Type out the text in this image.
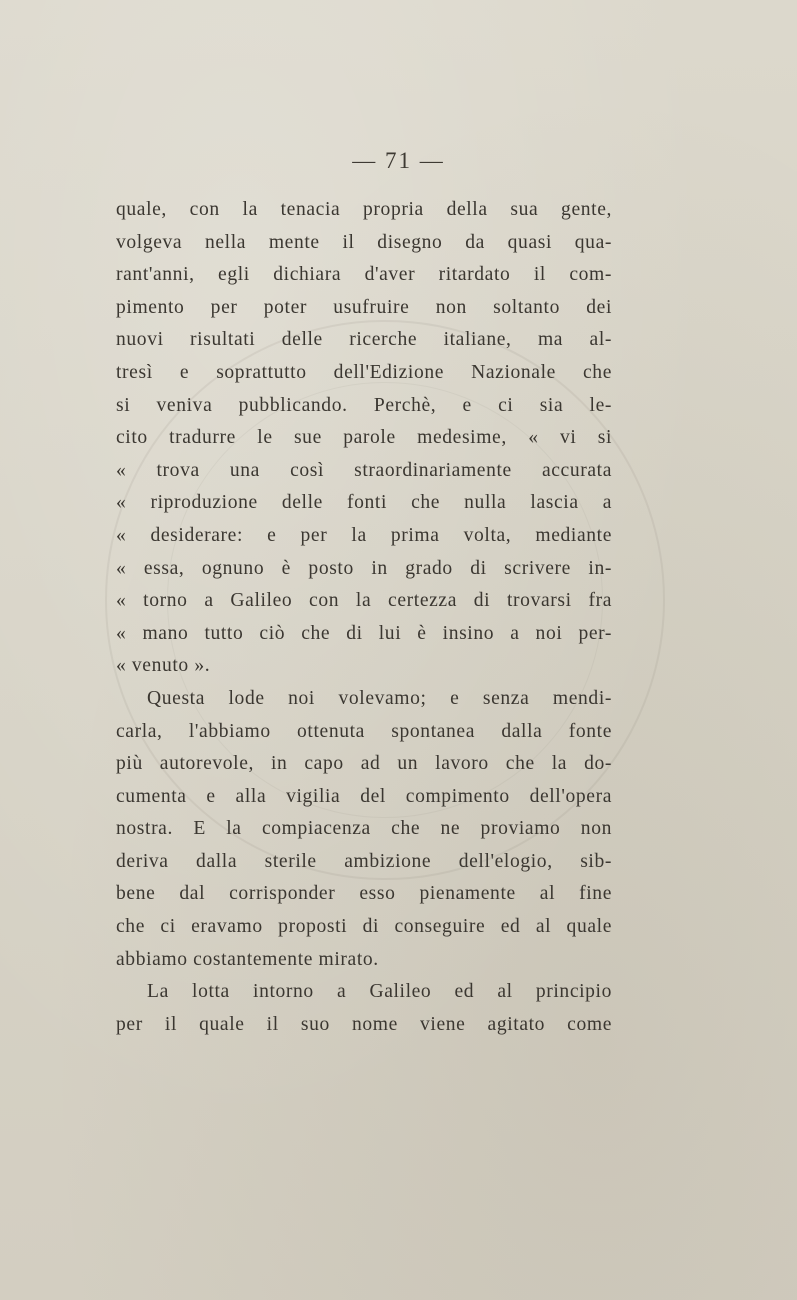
— 71 —
quale, con la tenacia propria della sua gente,
volgeva nella mente il disegno da quasi qua-
rant'anni, egli dichiara d'aver ritardato il com-
pimento per poter usufruire non soltanto dei
nuovi risultati delle ricerche italiane, ma al-
tresì e soprattutto dell'Edizione Nazionale che
si veniva pubblicando. Perchè, e ci sia le-
cito tradurre le sue parole medesime, « vi si
« trova una così straordinariamente accurata
« riproduzione delle fonti che nulla lascia a
« desiderare: e per la prima volta, mediante
« essa, ognuno è posto in grado di scrivere in-
« torno a Galileo con la certezza di trovarsi fra
« mano tutto ciò che di lui è insino a noi per-
« venuto ».
Questa lode noi volevamo; e senza mendi-
carla, l'abbiamo ottenuta spontanea dalla fonte
più autorevole, in capo ad un lavoro che la do-
cumenta e alla vigilia del compimento dell'opera
nostra. E la compiacenza che ne proviamo non
deriva dalla sterile ambizione dell'elogio, sib-
bene dal corrisponder esso pienamente al fine
che ci eravamo proposti di conseguire ed al quale
abbiamo costantemente mirato.
La lotta intorno a Galileo ed al principio
per il quale il suo nome viene agitato come
